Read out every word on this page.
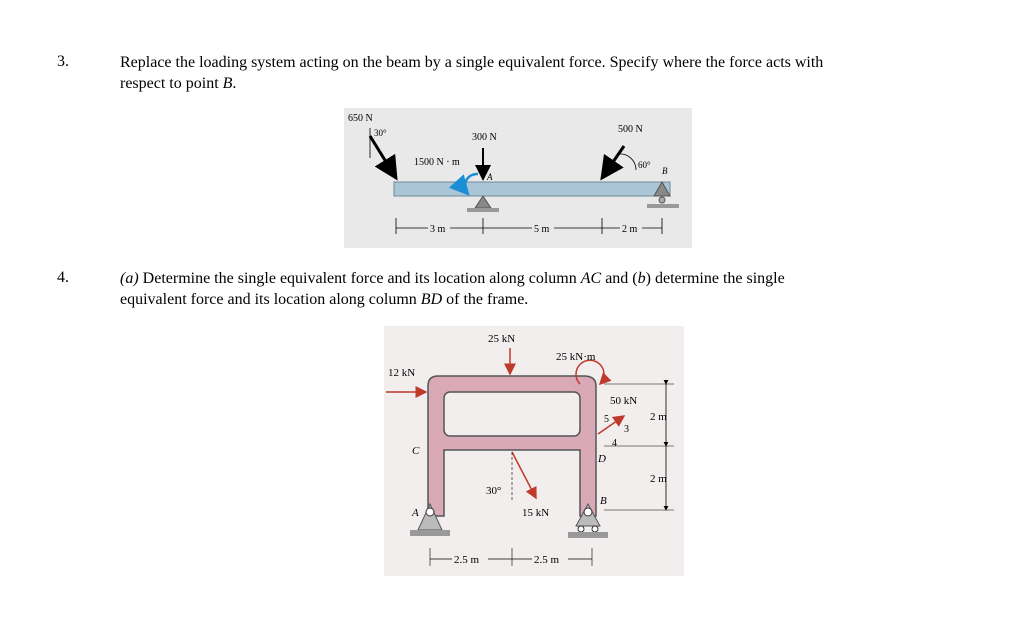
3.	Replace the loading system acting on the beam by a single equivalent force. Specify where the force acts with
respect to point B.
650 N
30°	300 N
1500 N · m
A
500 N
60°
B
3 m	5 m	2 m
4.	(a) Determine the single equivalent force and its location along column AC and (b) determine the single
equivalent force and its location along column BD of the frame.
25 kN
25 kN·m
12 kN
50 kN
5
3
4
30°
15 kN
C
D
A
B
2 m
2 m
2.5 m	2.5 m
